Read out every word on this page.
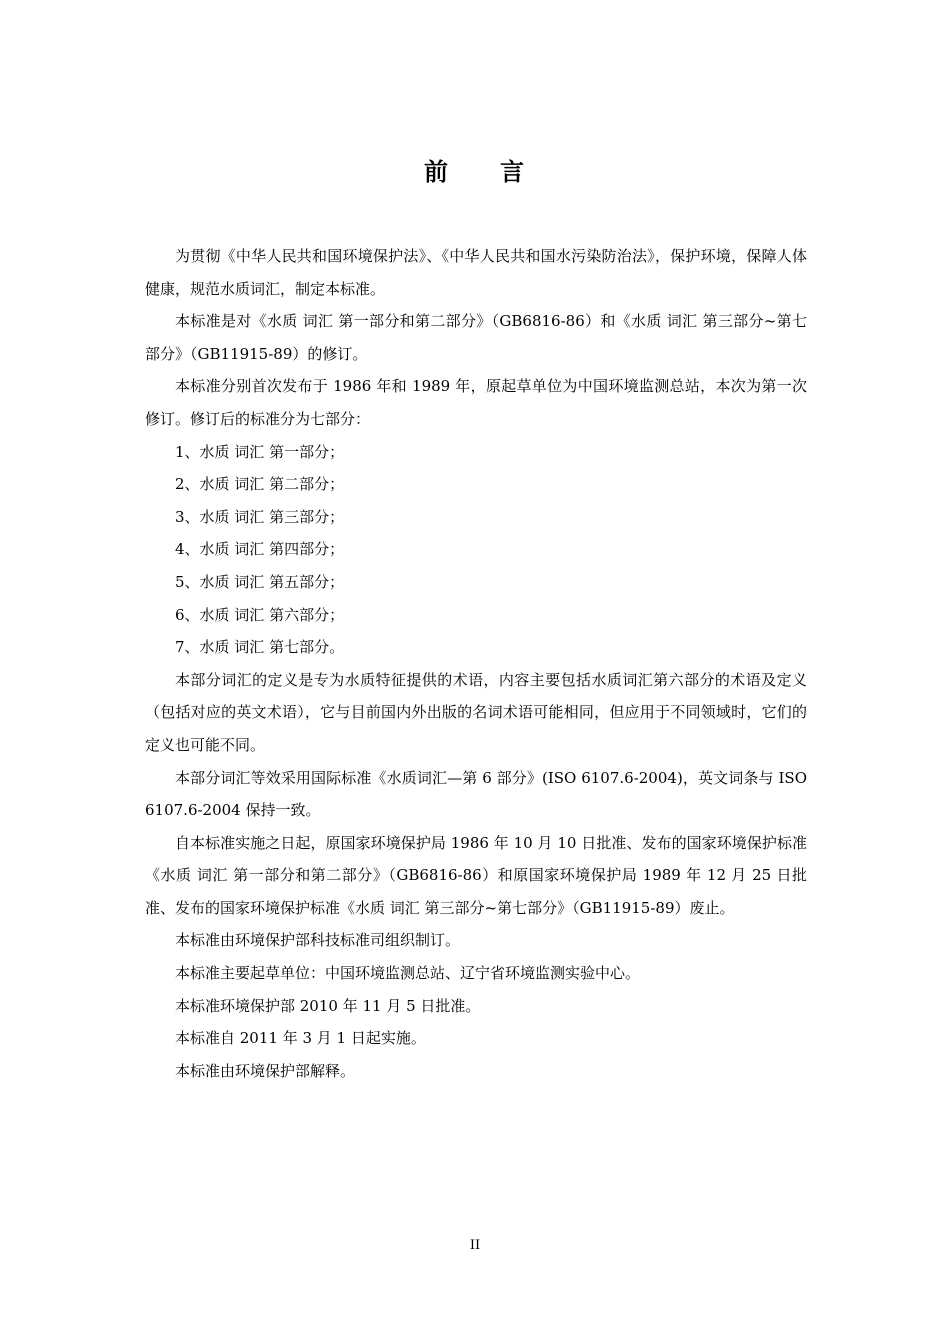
前 言

为贯彻《中华人民共和国环境保护法》、《中华人民共和国水污染防治法》，保护环境，保障人体健康，规范水质词汇，制定本标准。

本标准是对《水质 词汇 第一部分和第二部分》（GB6816-86）和《水质 词汇 第三部分~第七部分》（GB11915-89）的修订。

本标准分别首次发布于 1986 年和 1989 年，原起草单位为中国环境监测总站，本次为第一次修订。修订后的标准分为七部分：

1、水质 词汇 第一部分；

2、水质 词汇 第二部分；

3、水质 词汇 第三部分；

4、水质 词汇 第四部分；

5、水质 词汇 第五部分；

6、水质 词汇 第六部分；

7、水质 词汇 第七部分。

本部分词汇的定义是专为水质特征提供的术语，内容主要包括水质词汇第六部分的术语及定义（包括对应的英文术语），它与目前国内外出版的名词术语可能相同，但应用于不同领域时，它们的定义也可能不同。

本部分词汇等效采用国际标准《水质词汇—第 6 部分》(ISO 6107.6-2004)，英文词条与 ISO 6107.6-2004 保持一致。

自本标准实施之日起，原国家环境保护局 1986 年 10 月 10 日批准、发布的国家环境保护标准《水质 词汇 第一部分和第二部分》（GB6816-86）和原国家环境保护局 1989 年 12 月 25 日批准、发布的国家环境保护标准《水质 词汇 第三部分~第七部分》（GB11915-89）废止。

本标准由环境保护部科技标准司组织制订。

本标准主要起草单位：中国环境监测总站、辽宁省环境监测实验中心。

本标准环境保护部 2010 年 11 月 5 日批准。

本标准自 2011 年 3 月 1 日起实施。

本标准由环境保护部解释。

II
